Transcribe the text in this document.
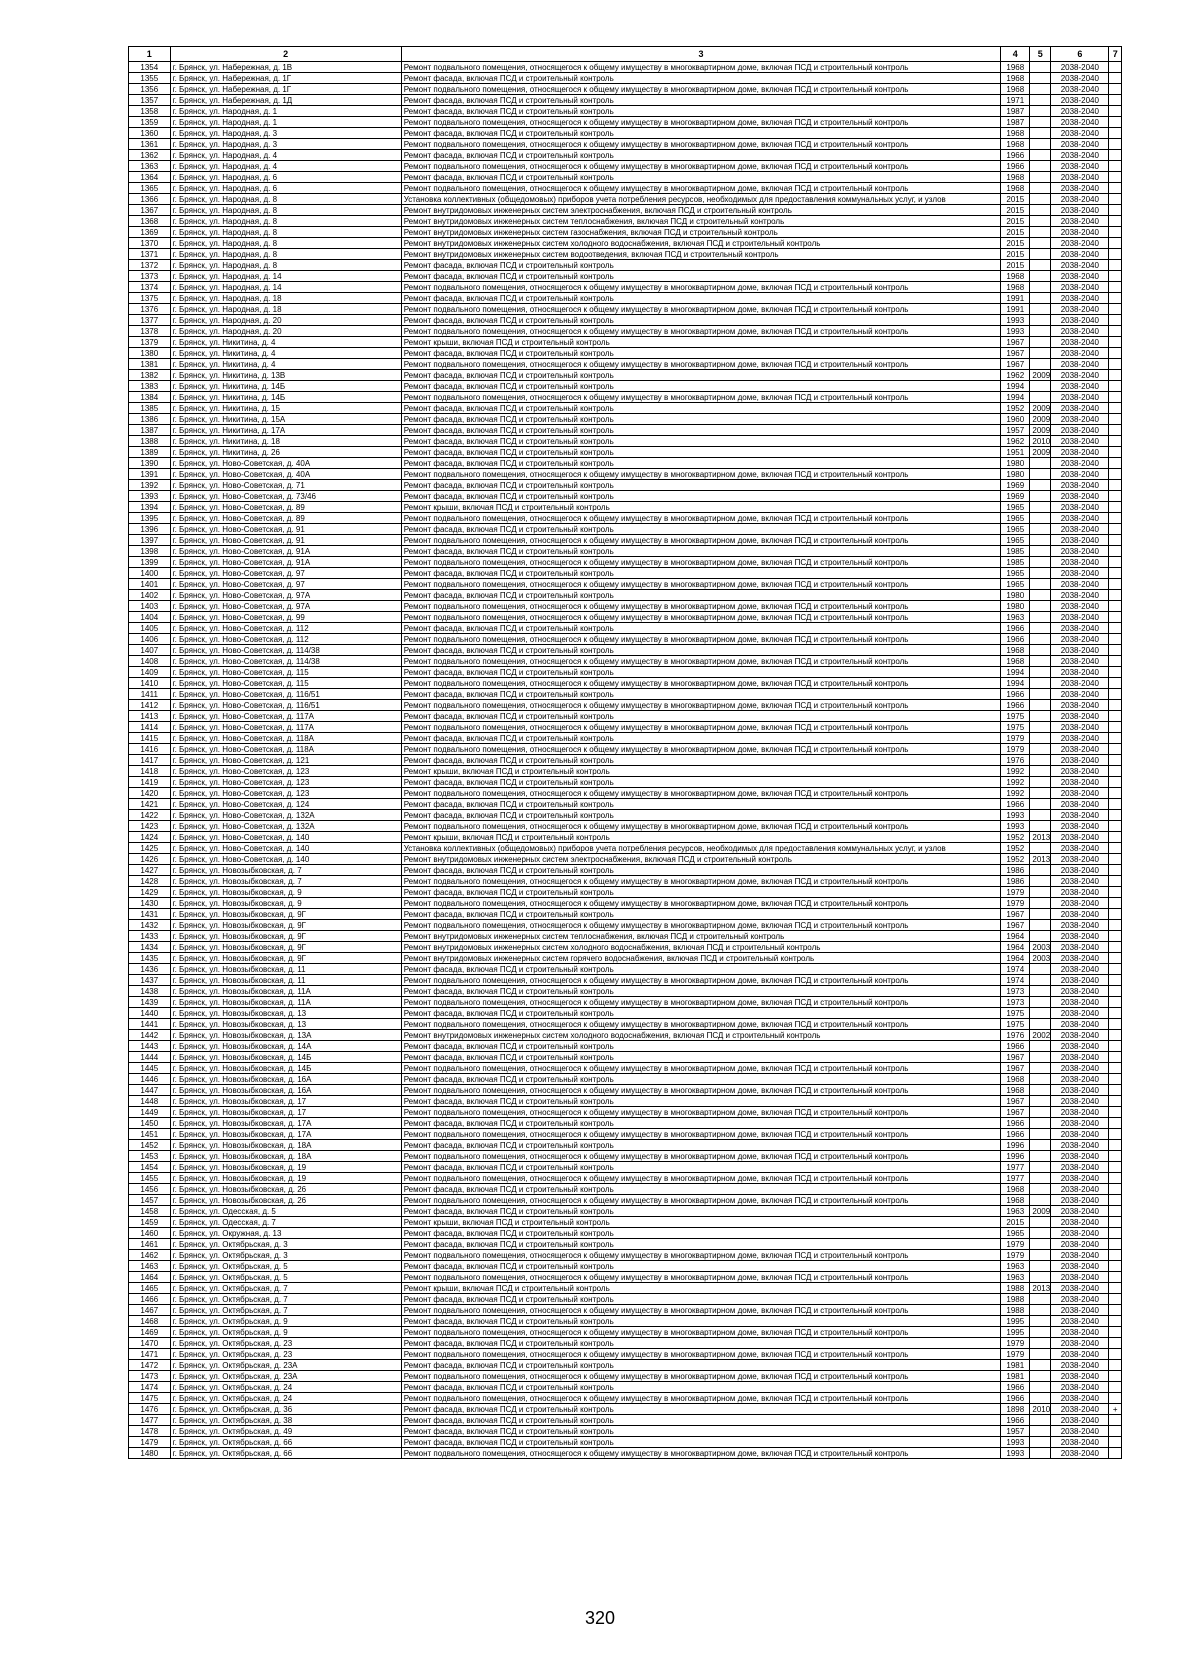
1	2	3	4	5	6	7
1354	г. Брянск, ул. Набережная, д. 1В	Ремонт подвального помещения, относящегося к общему имуществу в многоквартирном доме, включая ПСД и строительный контроль	1968		2038-2040	
1355	г. Брянск, ул. Набережная, д. 1Г	Ремонт фасада, включая ПСД и строительный контроль	1968		2038-2040	
1356	г. Брянск, ул. Набережная, д. 1Г	Ремонт подвального помещения, относящегося к общему имуществу в многоквартирном доме, включая ПСД и строительный контроль	1968		2038-2040	
1357	г. Брянск, ул. Набережная, д. 1Д	Ремонт фасада, включая ПСД и строительный контроль	1971		2038-2040	
1358	г. Брянск, ул. Народная, д. 1	Ремонт фасада, включая ПСД и строительный контроль	1987		2038-2040	
1359	г. Брянск, ул. Народная, д. 1	Ремонт подвального помещения, относящегося к общему имуществу в многоквартирном доме, включая ПСД и строительный контроль	1987		2038-2040	
1360	г. Брянск, ул. Народная, д. 3	Ремонт фасада, включая ПСД и строительный контроль	1968		2038-2040	
1361	г. Брянск, ул. Народная, д. 3	Ремонт подвального помещения, относящегося к общему имуществу в многоквартирном доме, включая ПСД и строительный контроль	1968		2038-2040	
1362	г. Брянск, ул. Народная, д. 4	Ремонт фасада, включая ПСД и строительный контроль	1966		2038-2040	
1363	г. Брянск, ул. Народная, д. 4	Ремонт подвального помещения, относящегося к общему имуществу в многоквартирном доме, включая ПСД и строительный контроль	1966		2038-2040	
1364	г. Брянск, ул. Народная, д. 6	Ремонт фасада, включая ПСД и строительный контроль	1968		2038-2040	
1365	г. Брянск, ул. Народная, д. 6	Ремонт подвального помещения, относящегося к общему имуществу в многоквартирном доме, включая ПСД и строительный контроль	1968		2038-2040	
1366	г. Брянск, ул. Народная, д. 8	Установка коллективных (общедомовых) приборов учета потребления ресурсов, необходимых для предоставления коммунальных услуг, и узлов	2015		2038-2040	
1367	г. Брянск, ул. Народная, д. 8	Ремонт внутридомовых инженерных систем электроснабжения, включая ПСД и строительный контроль	2015		2038-2040	
1368	г. Брянск, ул. Народная, д. 8	Ремонт внутридомовых инженерных систем теплоснабжения, включая ПСД и строительный контроль	2015		2038-2040	
1369	г. Брянск, ул. Народная, д. 8	Ремонт внутридомовых инженерных систем газоснабжения, включая ПСД и строительный контроль	2015		2038-2040	
1370	г. Брянск, ул. Народная, д. 8	Ремонт внутридомовых инженерных систем холодного водоснабжения, включая ПСД и строительный контроль	2015		2038-2040	
1371	г. Брянск, ул. Народная, д. 8	Ремонт внутридомовых инженерных систем водоотведения, включая ПСД и строительный контроль	2015		2038-2040	
1372	г. Брянск, ул. Народная, д. 8	Ремонт фасада, включая ПСД и строительный контроль	2015		2038-2040	
1373	г. Брянск, ул. Народная, д. 14	Ремонт фасада, включая ПСД и строительный контроль	1968		2038-2040	
1374	г. Брянск, ул. Народная, д. 14	Ремонт подвального помещения, относящегося к общему имуществу в многоквартирном доме, включая ПСД и строительный контроль	1968		2038-2040	
1375	г. Брянск, ул. Народная, д. 18	Ремонт фасада, включая ПСД и строительный контроль	1991		2038-2040	
1376	г. Брянск, ул. Народная, д. 18	Ремонт подвального помещения, относящегося к общему имуществу в многоквартирном доме, включая ПСД и строительный контроль	1991		2038-2040	
1377	г. Брянск, ул. Народная, д. 20	Ремонт фасада, включая ПСД и строительный контроль	1993		2038-2040	
1378	г. Брянск, ул. Народная, д. 20	Ремонт подвального помещения, относящегося к общему имуществу в многоквартирном доме, включая ПСД и строительный контроль	1993		2038-2040	
1379	г. Брянск, ул. Никитина, д. 4	Ремонт крыши, включая ПСД и строительный контроль	1967		2038-2040	
1380	г. Брянск, ул. Никитина, д. 4	Ремонт фасада, включая ПСД и строительный контроль	1967		2038-2040	
1381	г. Брянск, ул. Никитина, д. 4	Ремонт подвального помещения, относящегося к общему имуществу в многоквартирном доме, включая ПСД и строительный контроль	1967		2038-2040	
1382	г. Брянск, ул. Никитина, д. 13В	Ремонт фасада, включая ПСД и строительный контроль	1962	2009	2038-2040	
1383	г. Брянск, ул. Никитина, д. 14Б	Ремонт фасада, включая ПСД и строительный контроль	1994		2038-2040	
1384	г. Брянск, ул. Никитина, д. 14Б	Ремонт подвального помещения, относящегося к общему имуществу в многоквартирном доме, включая ПСД и строительный контроль	1994		2038-2040	
1385	г. Брянск, ул. Никитина, д. 15	Ремонт фасада, включая ПСД и строительный контроль	1952	2009	2038-2040	
1386	г. Брянск, ул. Никитина, д. 15А	Ремонт фасада, включая ПСД и строительный контроль	1960	2009	2038-2040	
1387	г. Брянск, ул. Никитина, д. 17А	Ремонт фасада, включая ПСД и строительный контроль	1957	2009	2038-2040	
1388	г. Брянск, ул. Никитина, д. 18	Ремонт фасада, включая ПСД и строительный контроль	1962	2010	2038-2040	
1389	г. Брянск, ул. Никитина, д. 26	Ремонт фасада, включая ПСД и строительный контроль	1951	2009	2038-2040	
1390	г. Брянск, ул. Ново-Советская, д. 40А	Ремонт фасада, включая ПСД и строительный контроль	1980		2038-2040	
1391	г. Брянск, ул. Ново-Советская, д. 40А	Ремонт подвального помещения, относящегося к общему имуществу в многоквартирном доме, включая ПСД и строительный контроль	1980		2038-2040	
1392	г. Брянск, ул. Ново-Советская, д. 71	Ремонт фасада, включая ПСД и строительный контроль	1969		2038-2040	
1393	г. Брянск, ул. Ново-Советская, д. 73/46	Ремонт фасада, включая ПСД и строительный контроль	1969		2038-2040	
1394	г. Брянск, ул. Ново-Советская, д. 89	Ремонт крыши, включая ПСД и строительный контроль	1965		2038-2040	
1395	г. Брянск, ул. Ново-Советская, д. 89	Ремонт подвального помещения, относящегося к общему имуществу в многоквартирном доме, включая ПСД и строительный контроль	1965		2038-2040	
1396	г. Брянск, ул. Ново-Советская, д. 91	Ремонт фасада, включая ПСД и строительный контроль	1965		2038-2040	
1397	г. Брянск, ул. Ново-Советская, д. 91	Ремонт подвального помещения, относящегося к общему имуществу в многоквартирном доме, включая ПСД и строительный контроль	1965		2038-2040	
1398	г. Брянск, ул. Ново-Советская, д. 91А	Ремонт фасада, включая ПСД и строительный контроль	1985		2038-2040	
1399	г. Брянск, ул. Ново-Советская, д. 91А	Ремонт подвального помещения, относящегося к общему имуществу в многоквартирном доме, включая ПСД и строительный контроль	1985		2038-2040	
1400	г. Брянск, ул. Ново-Советская, д. 97	Ремонт фасада, включая ПСД и строительный контроль	1965		2038-2040	
1401	г. Брянск, ул. Ново-Советская, д. 97	Ремонт подвального помещения, относящегося к общему имуществу в многоквартирном доме, включая ПСД и строительный контроль	1965		2038-2040	
1402	г. Брянск, ул. Ново-Советская, д. 97А	Ремонт фасада, включая ПСД и строительный контроль	1980		2038-2040	
1403	г. Брянск, ул. Ново-Советская, д. 97А	Ремонт подвального помещения, относящегося к общему имуществу в многоквартирном доме, включая ПСД и строительный контроль	1980		2038-2040	
1404	г. Брянск, ул. Ново-Советская, д. 99	Ремонт подвального помещения, относящегося к общему имуществу в многоквартирном доме, включая ПСД и строительный контроль	1963		2038-2040	
1405	г. Брянск, ул. Ново-Советская, д. 112	Ремонт фасада, включая ПСД и строительный контроль	1966		2038-2040	
1406	г. Брянск, ул. Ново-Советская, д. 112	Ремонт подвального помещения, относящегося к общему имуществу в многоквартирном доме, включая ПСД и строительный контроль	1966		2038-2040	
1407	г. Брянск, ул. Ново-Советская, д. 114/38	Ремонт фасада, включая ПСД и строительный контроль	1968		2038-2040	
1408	г. Брянск, ул. Ново-Советская, д. 114/38	Ремонт подвального помещения, относящегося к общему имуществу в многоквартирном доме, включая ПСД и строительный контроль	1968		2038-2040	
1409	г. Брянск, ул. Ново-Советская, д. 115	Ремонт фасада, включая ПСД и строительный контроль	1994		2038-2040	
1410	г. Брянск, ул. Ново-Советская, д. 115	Ремонт подвального помещения, относящегося к общему имуществу в многоквартирном доме, включая ПСД и строительный контроль	1994		2038-2040	
1411	г. Брянск, ул. Ново-Советская, д. 116/51	Ремонт фасада, включая ПСД и строительный контроль	1966		2038-2040	
1412	г. Брянск, ул. Ново-Советская, д. 116/51	Ремонт подвального помещения, относящегося к общему имуществу в многоквартирном доме, включая ПСД и строительный контроль	1966		2038-2040	
1413	г. Брянск, ул. Ново-Советская, д. 117А	Ремонт фасада, включая ПСД и строительный контроль	1975		2038-2040	
1414	г. Брянск, ул. Ново-Советская, д. 117А	Ремонт подвального помещения, относящегося к общему имуществу в многоквартирном доме, включая ПСД и строительный контроль	1975		2038-2040	
1415	г. Брянск, ул. Ново-Советская, д. 118А	Ремонт фасада, включая ПСД и строительный контроль	1979		2038-2040	
1416	г. Брянск, ул. Ново-Советская, д. 118А	Ремонт подвального помещения, относящегося к общему имуществу в многоквартирном доме, включая ПСД и строительный контроль	1979		2038-2040	
1417	г. Брянск, ул. Ново-Советская, д. 121	Ремонт фасада, включая ПСД и строительный контроль	1976		2038-2040	
1418	г. Брянск, ул. Ново-Советская, д. 123	Ремонт крыши, включая ПСД и строительный контроль	1992		2038-2040	
1419	г. Брянск, ул. Ново-Советская, д. 123	Ремонт фасада, включая ПСД и строительный контроль	1992		2038-2040	
1420	г. Брянск, ул. Ново-Советская, д. 123	Ремонт подвального помещения, относящегося к общему имуществу в многоквартирном доме, включая ПСД и строительный контроль	1992		2038-2040	
1421	г. Брянск, ул. Ново-Советская, д. 124	Ремонт фасада, включая ПСД и строительный контроль	1966		2038-2040	
1422	г. Брянск, ул. Ново-Советская, д. 132А	Ремонт фасада, включая ПСД и строительный контроль	1993		2038-2040	
1423	г. Брянск, ул. Ново-Советская, д. 132А	Ремонт подвального помещения, относящегося к общему имуществу в многоквартирном доме, включая ПСД и строительный контроль	1993		2038-2040	
1424	г. Брянск, ул. Ново-Советская, д. 140	Ремонт крыши, включая ПСД и строительный контроль	1952	2013	2038-2040	
1425	г. Брянск, ул. Ново-Советская, д. 140	Установка коллективных (общедомовых) приборов учета потребления ресурсов, необходимых для предоставления коммунальных услуг, и узлов	1952		2038-2040	
1426	г. Брянск, ул. Ново-Советская, д. 140	Ремонт внутридомовых инженерных систем электроснабжения, включая ПСД и строительный контроль	1952	2013	2038-2040	
1427	г. Брянск, ул. Новозыбковская, д. 7	Ремонт фасада, включая ПСД и строительный контроль	1986		2038-2040	
1428	г. Брянск, ул. Новозыбковская, д. 7	Ремонт подвального помещения, относящегося к общему имуществу в многоквартирном доме, включая ПСД и строительный контроль	1986		2038-2040	
1429	г. Брянск, ул. Новозыбковская, д. 9	Ремонт фасада, включая ПСД и строительный контроль	1979		2038-2040	
1430	г. Брянск, ул. Новозыбковская, д. 9	Ремонт подвального помещения, относящегося к общему имуществу в многоквартирном доме, включая ПСД и строительный контроль	1979		2038-2040	
1431	г. Брянск, ул. Новозыбковская, д. 9Г	Ремонт фасада, включая ПСД и строительный контроль	1967		2038-2040	
1432	г. Брянск, ул. Новозыбковская, д. 9Г	Ремонт подвального помещения, относящегося к общему имуществу в многоквартирном доме, включая ПСД и строительный контроль	1967		2038-2040	
1433	г. Брянск, ул. Новозыбковская, д. 9Г	Ремонт внутридомовых инженерных систем теплоснабжения, включая ПСД и строительный контроль	1964		2038-2040	
1434	г. Брянск, ул. Новозыбковская, д. 9Г	Ремонт внутридомовых инженерных систем холодного водоснабжения, включая ПСД и строительный контроль	1964	2003	2038-2040	
1435	г. Брянск, ул. Новозыбковская, д. 9Г	Ремонт внутридомовых инженерных систем горячего водоснабжения, включая ПСД и строительный контроль	1964	2003	2038-2040	
1436	г. Брянск, ул. Новозыбковская, д. 11	Ремонт фасада, включая ПСД и строительный контроль	1974		2038-2040	
1437	г. Брянск, ул. Новозыбковская, д. 11	Ремонт подвального помещения, относящегося к общему имуществу в многоквартирном доме, включая ПСД и строительный контроль	1974		2038-2040	
1438	г. Брянск, ул. Новозыбковская, д. 11А	Ремонт фасада, включая ПСД и строительный контроль	1973		2038-2040	
1439	г. Брянск, ул. Новозыбковская, д. 11А	Ремонт подвального помещения, относящегося к общему имуществу в многоквартирном доме, включая ПСД и строительный контроль	1973		2038-2040	
1440	г. Брянск, ул. Новозыбковская, д. 13	Ремонт фасада, включая ПСД и строительный контроль	1975		2038-2040	
1441	г. Брянск, ул. Новозыбковская, д. 13	Ремонт подвального помещения, относящегося к общему имуществу в многоквартирном доме, включая ПСД и строительный контроль	1975		2038-2040	
1442	г. Брянск, ул. Новозыбковская, д. 13А	Ремонт внутридомовых инженерных систем холодного водоснабжения, включая ПСД и строительный контроль	1976	2002	2038-2040	
1443	г. Брянск, ул. Новозыбковская, д. 14А	Ремонт фасада, включая ПСД и строительный контроль	1966		2038-2040	
1444	г. Брянск, ул. Новозыбковская, д. 14Б	Ремонт фасада, включая ПСД и строительный контроль	1967		2038-2040	
1445	г. Брянск, ул. Новозыбковская, д. 14Б	Ремонт подвального помещения, относящегося к общему имуществу в многоквартирном доме, включая ПСД и строительный контроль	1967		2038-2040	
1446	г. Брянск, ул. Новозыбковская, д. 16А	Ремонт фасада, включая ПСД и строительный контроль	1968		2038-2040	
1447	г. Брянск, ул. Новозыбковская, д. 16А	Ремонт подвального помещения, относящегося к общему имуществу в многоквартирном доме, включая ПСД и строительный контроль	1968		2038-2040	
1448	г. Брянск, ул. Новозыбковская, д. 17	Ремонт фасада, включая ПСД и строительный контроль	1967		2038-2040	
1449	г. Брянск, ул. Новозыбковская, д. 17	Ремонт подвального помещения, относящегося к общему имуществу в многоквартирном доме, включая ПСД и строительный контроль	1967		2038-2040	
1450	г. Брянск, ул. Новозыбковская, д. 17А	Ремонт фасада, включая ПСД и строительный контроль	1966		2038-2040	
1451	г. Брянск, ул. Новозыбковская, д. 17А	Ремонт подвального помещения, относящегося к общему имуществу в многоквартирном доме, включая ПСД и строительный контроль	1966		2038-2040	
1452	г. Брянск, ул. Новозыбковская, д. 18А	Ремонт фасада, включая ПСД и строительный контроль	1996		2038-2040	
1453	г. Брянск, ул. Новозыбковская, д. 18А	Ремонт подвального помещения, относящегося к общему имуществу в многоквартирном доме, включая ПСД и строительный контроль	1996		2038-2040	
1454	г. Брянск, ул. Новозыбковская, д. 19	Ремонт фасада, включая ПСД и строительный контроль	1977		2038-2040	
1455	г. Брянск, ул. Новозыбковская, д. 19	Ремонт подвального помещения, относящегося к общему имуществу в многоквартирном доме, включая ПСД и строительный контроль	1977		2038-2040	
1456	г. Брянск, ул. Новозыбковская, д. 26	Ремонт фасада, включая ПСД и строительный контроль	1968		2038-2040	
1457	г. Брянск, ул. Новозыбковская, д. 26	Ремонт подвального помещения, относящегося к общему имуществу в многоквартирном доме, включая ПСД и строительный контроль	1968		2038-2040	
1458	г. Брянск, ул. Одесская, д. 5	Ремонт фасада, включая ПСД и строительный контроль	1963	2009	2038-2040	
1459	г. Брянск, ул. Одесская, д. 7	Ремонт крыши, включая ПСД и строительный контроль	2015		2038-2040	
1460	г. Брянск, ул. Окружная, д. 13	Ремонт фасада, включая ПСД и строительный контроль	1965		2038-2040	
1461	г. Брянск, ул. Октябрьская, д. 3	Ремонт фасада, включая ПСД и строительный контроль	1979		2038-2040	
1462	г. Брянск, ул. Октябрьская, д. 3	Ремонт подвального помещения, относящегося к общему имуществу в многоквартирном доме, включая ПСД и строительный контроль	1979		2038-2040	
1463	г. Брянск, ул. Октябрьская, д. 5	Ремонт фасада, включая ПСД и строительный контроль	1963		2038-2040	
1464	г. Брянск, ул. Октябрьская, д. 5	Ремонт подвального помещения, относящегося к общему имуществу в многоквартирном доме, включая ПСД и строительный контроль	1963		2038-2040	
1465	г. Брянск, ул. Октябрьская, д. 7	Ремонт крыши, включая ПСД и строительный контроль	1988	2013	2038-2040	
1466	г. Брянск, ул. Октябрьская, д. 7	Ремонт фасада, включая ПСД и строительный контроль	1988		2038-2040	
1467	г. Брянск, ул. Октябрьская, д. 7	Ремонт подвального помещения, относящегося к общему имуществу в многоквартирном доме, включая ПСД и строительный контроль	1988		2038-2040	
1468	г. Брянск, ул. Октябрьская, д. 9	Ремонт фасада, включая ПСД и строительный контроль	1995		2038-2040	
1469	г. Брянск, ул. Октябрьская, д. 9	Ремонт подвального помещения, относящегося к общему имуществу в многоквартирном доме, включая ПСД и строительный контроль	1995		2038-2040	
1470	г. Брянск, ул. Октябрьская, д. 23	Ремонт фасада, включая ПСД и строительный контроль	1979		2038-2040	
1471	г. Брянск, ул. Октябрьская, д. 23	Ремонт подвального помещения, относящегося к общему имуществу в многоквартирном доме, включая ПСД и строительный контроль	1979		2038-2040	
1472	г. Брянск, ул. Октябрьская, д. 23А	Ремонт фасада, включая ПСД и строительный контроль	1981		2038-2040	
1473	г. Брянск, ул. Октябрьская, д. 23А	Ремонт подвального помещения, относящегося к общему имуществу в многоквартирном доме, включая ПСД и строительный контроль	1981		2038-2040	
1474	г. Брянск, ул. Октябрьская, д. 24	Ремонт фасада, включая ПСД и строительный контроль	1966		2038-2040	
1475	г. Брянск, ул. Октябрьская, д. 24	Ремонт подвального помещения, относящегося к общему имуществу в многоквартирном доме, включая ПСД и строительный контроль	1966		2038-2040	
1476	г. Брянск, ул. Октябрьская, д. 36	Ремонт фасада, включая ПСД и строительный контроль	1898	2010	2038-2040	+
1477	г. Брянск, ул. Октябрьская, д. 38	Ремонт фасада, включая ПСД и строительный контроль	1966		2038-2040	
1478	г. Брянск, ул. Октябрьская, д. 49	Ремонт фасада, включая ПСД и строительный контроль	1957		2038-2040	
1479	г. Брянск, ул. Октябрьская, д. 66	Ремонт фасада, включая ПСД и строительный контроль	1993		2038-2040	
1480	г. Брянск, ул. Октябрьская, д. 66	Ремонт подвального помещения, относящегося к общему имуществу в многоквартирном доме, включая ПСД и строительный контроль	1993		2038-2040	
320
